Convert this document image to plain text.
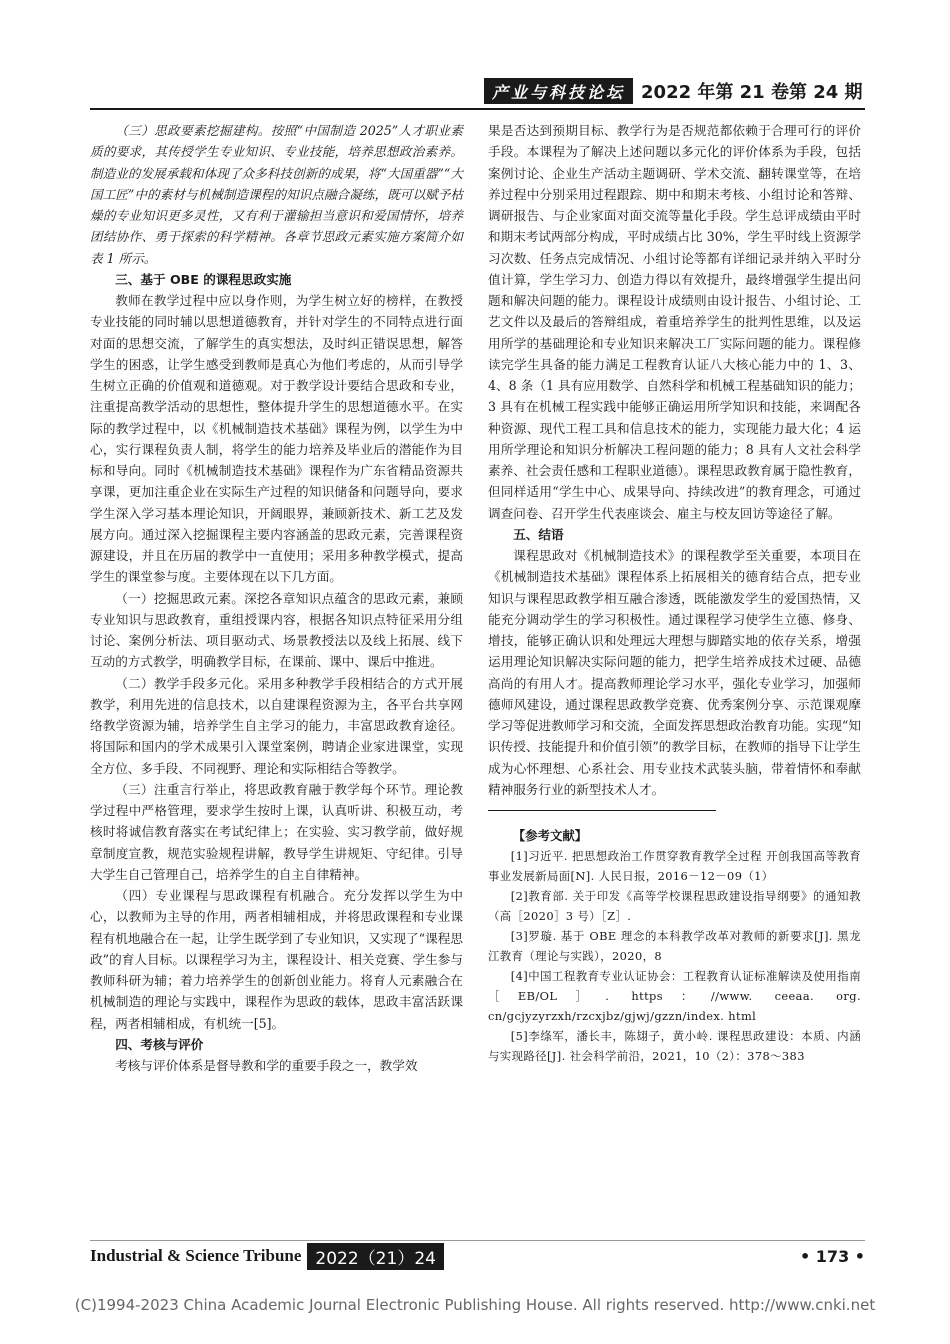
产业与科技论坛 2022 年第 21 卷第 24 期

（三）思政要素挖掘建构。按照“中国制造 2025”人才职业素质的要求，其传授学生专业知识、专业技能，培养思想政治素养。制造业的发展承载和体现了众多科技创新的成果，将“大国重器”“大国工匠”中的素材与机械制造课程的知识点融合凝练，既可以赋予枯燥的专业知识更多灵性，又有利于灌输担当意识和爱国情怀，培养团结协作、勇于探索的科学精神。各章节思政元素实施方案简介如表 1 所示。

三、基于 OBE 的课程思政实施

教师在教学过程中应以身作则，为学生树立好的榜样，在教授专业技能的同时辅以思想道德教育，并针对学生的不同特点进行面对面的思想交流，了解学生的真实想法，及时纠正错误思想，解答学生的困惑，让学生感受到教师是真心为他们考虑的，从而引导学生树立正确的价值观和道德观。对于教学设计要结合思政和专业，注重提高教学活动的思想性，整体提升学生的思想道德水平。在实际的教学过程中，以《机械制造技术基础》课程为例，以学生为中心，实行课程负责人制，将学生的能力培养及毕业后的潜能作为目标和导向。同时《机械制造技术基础》课程作为广东省精品资源共享课，更加注重企业在实际生产过程的知识储备和问题导向，要求学生深入学习基本理论知识，开阔眼界，兼顾新技术、新工艺及发展方向。通过深入挖掘课程主要内容涵盖的思政元素，完善课程资源建设，并且在历届的教学中一直使用；采用多种教学模式，提高学生的课堂参与度。主要体现在以下几方面。

（一）挖掘思政元素。深挖各章知识点蕴含的思政元素，兼顾专业知识与思政教育，重组授课内容，根据各知识点特征采用分组讨论、案例分析法、项目驱动式、场景教授法以及线上拓展、线下互动的方式教学，明确教学目标，在课前、课中、课后中推进。

（二）教学手段多元化。采用多种教学手段相结合的方式开展教学，利用先进的信息技术，以自建课程资源为主，各平台共享网络教学资源为辅，培养学生自主学习的能力，丰富思政教育途径。将国际和国内的学术成果引入课堂案例，聘请企业家进课堂，实现全方位、多手段、不同视野、理论和实际相结合等教学。

（三）注重言行举止，将思政教育融于教学每个环节。理论教学过程中严格管理，要求学生按时上课，认真听讲、积极互动，考核时将诚信教育落实在考试纪律上；在实验、实习教学前，做好规章制度宣教，规范实验规程讲解，教导学生讲规矩、守纪律。引导大学生自己管理自己，培养学生的自主自律精神。

（四）专业课程与思政课程有机融合。充分发挥以学生为中心，以教师为主导的作用，两者相辅相成，并将思政课程和专业课程有机地融合在一起，让学生既学到了专业知识，又实现了“课程思政”的育人目标。以课程学习为主，课程设计、相关竞赛、学生参与教师科研为辅；着力培养学生的创新创业能力。将育人元素融合在机械制造的理论与实践中，课程作为思政的载体，思政丰富活跃课程，两者相辅相成，有机统一[5]。

四、考核与评价

考核与评价体系是督导教和学的重要手段之一，教学效

果是否达到预期目标、教学行为是否规范都依赖于合理可行的评价手段。本课程为了解决上述问题以多元化的评价体系为手段，包括案例讨论、企业生产活动主题调研、学术交流、翻转课堂等，在培养过程中分别采用过程跟踪、期中和期末考核、小组讨论和答辩、调研报告、与企业家面对面交流等量化手段。学生总评成绩由平时和期末考试两部分构成，平时成绩占比 30%，学生平时线上资源学习次数、任务点完成情况、小组讨论等都有详细记录并纳入平时分值计算，学生学习力、创造力得以有效提升，最终增强学生提出问题和解决问题的能力。课程设计成绩则由设计报告、小组讨论、工艺文件以及最后的答辩组成，着重培养学生的批判性思维，以及运用所学的基础理论和专业知识来解决工厂实际问题的能力。课程修读完学生具备的能力满足工程教育认证八大核心能力中的 1、3、4、8 条（1 具有应用数学、自然科学和机械工程基础知识的能力；3 具有在机械工程实践中能够正确运用所学知识和技能，来调配各种资源、现代工程工具和信息技术的能力，实现能力最大化；4 运用所学理论和知识分析解决工程问题的能力；8 具有人文社会科学素养、社会责任感和工程职业道德）。课程思政教育属于隐性教育，但同样适用“学生中心、成果导向、持续改进”的教育理念，可通过调查问卷、召开学生代表座谈会、雇主与校友回访等途径了解。

五、结语

课程思政对《机械制造技术》的课程教学至关重要，本项目在《机械制造技术基础》课程体系上拓展相关的德育结合点，把专业知识与课程思政教学相互融合渗透，既能激发学生的爱国热情，又能充分调动学生的学习积极性。通过课程学习使学生立德、修身、增技，能够正确认识和处理远大理想与脚踏实地的依存关系，增强运用理论知识解决实际问题的能力，把学生培养成技术过硬、品德高尚的有用人才。提高教师理论学习水平，强化专业学习，加强师德师风建设，通过课程思政教学竞赛、优秀案例分享、示范课观摩学习等促进教师学习和交流，全面发挥思想政治教育功能。实现“知识传授、技能提升和价值引领”的教学目标，在教师的指导下让学生成为心怀理想、心系社会、用专业技术武装头脑，带着情怀和奉献精神服务行业的新型技术人才。

【参考文献】

[1]习近平. 把思想政治工作贯穿教育教学全过程 开创我国高等教育事业发展新局面[N]. 人民日报，2016－12－09（1）

[2]教育部. 关于印发《高等学校课程思政建设指导纲要》的通知教（高［2020］3 号）［Z］.

[3]罗璇. 基于 OBE 理念的本科教学改革对教师的新要求[J]. 黑龙江教育（理论与实践），2020，8

[4]中国工程教育专业认证协会：工程教育认证标准解读及使用指南［EB/OL］. https：//www. ceeaa. org. cn/gcjyzyrzxh/rzcxjbz/gjwj/gzzn/index. html

[5]李绦军，潘长丰，陈翃子，黄小岭. 课程思政建设：本质、内涵与实现路径[J]. 社会科学前沿，2021，10（2）：378～383

Industrial & Science Tribune 2022（21）24	• 173 •
(C)1994-2023 China Academic Journal Electronic Publishing House. All rights reserved. http://www.cnki.net
